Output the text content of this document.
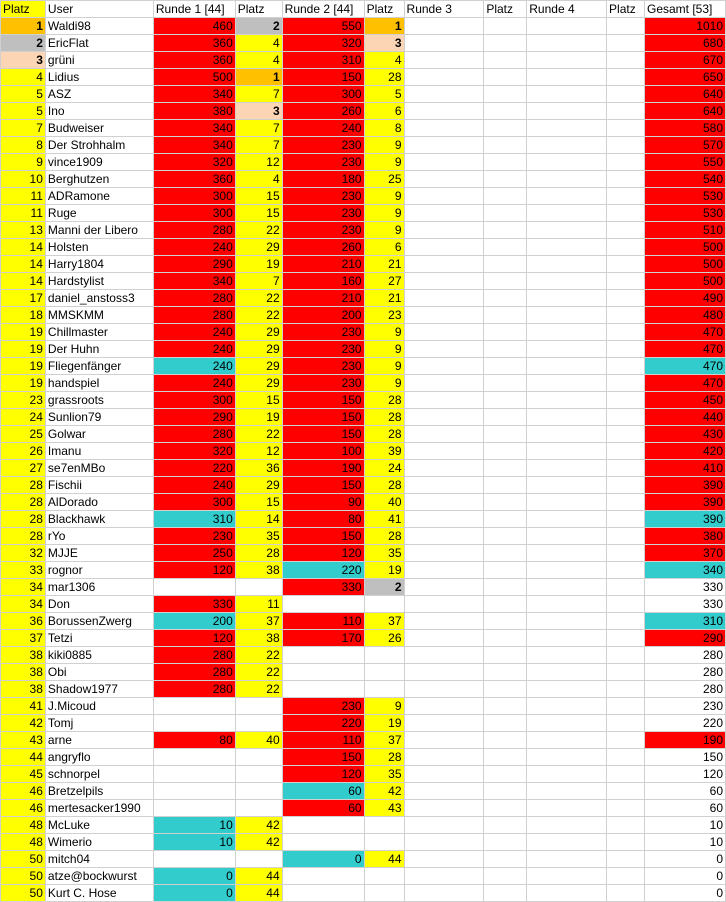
Platz	User	Runde 1 [44]	Platz	Runde 2 [44]	Platz	Runde 3	Platz	Runde 4	Platz	Gesamt [53]
1	Waldi98	460	2	550	1					1010
2	EricFlat	360	4	320	3					680
3	grüni	360	4	310	4					670
4	Lidius	500	1	150	28					650
5	ASZ	340	7	300	5					640
5	Ino	380	3	260	6					640
7	Budweiser	340	7	240	8					580
8	Der Strohhalm	340	7	230	9					570
9	vince1909	320	12	230	9					550
10	Berghutzen	360	4	180	25					540
11	ADRamone	300	15	230	9					530
11	Ruge	300	15	230	9					530
13	Manni der Libero	280	22	230	9					510
14	Holsten	240	29	260	6					500
14	Harry1804	290	19	210	21					500
14	Hardstylist	340	7	160	27					500
17	daniel_anstoss3	280	22	210	21					490
18	MMSKMM	280	22	200	23					480
19	Chillmaster	240	29	230	9					470
19	Der Huhn	240	29	230	9					470
19	Fliegenfänger	240	29	230	9					470
19	handspiel	240	29	230	9					470
23	grassroots	300	15	150	28					450
24	Sunlion79	290	19	150	28					440
25	Golwar	280	22	150	28					430
26	Imanu	320	12	100	39					420
27	se7enMBo	220	36	190	24					410
28	Fischii	240	29	150	28					390
28	AlDorado	300	15	90	40					390
28	Blackhawk	310	14	80	41					390
28	rYo	230	35	150	28					380
32	MJJE	250	28	120	35					370
33	rognor	120	38	220	19					340
34	mar1306			330	2					330
34	Don	330	11							330
36	BorussenZwerg	200	37	110	37					310
37	Tetzi	120	38	170	26					290
38	kiki0885	280	22							280
38	Obi	280	22							280
38	Shadow1977	280	22							280
41	J.Micoud			230	9					230
42	Tomj			220	19					220
43	arne	80	40	110	37					190
44	angryflo			150	28					150
45	schnorpel			120	35					120
46	Bretzelpils			60	42					60
46	mertesacker1990			60	43					60
48	McLuke	10	42							10
48	Wimerio	10	42							10
50	mitch04			0	44					0
50	atze@bockwurst	0	44							0
50	Kurt C. Hose	0	44							0
